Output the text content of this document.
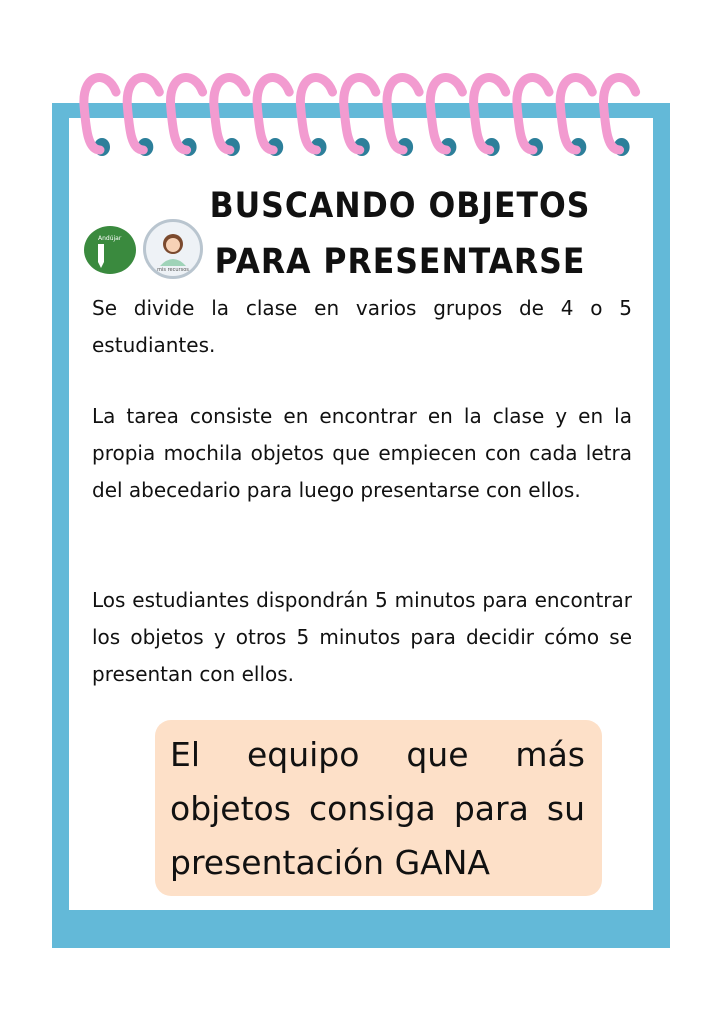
BUSCANDO OBJETOS
PARA PRESENTARSE
Andújar
mis recursos
Se divide la clase en varios grupos de 4 o 5 estudiantes.
La tarea consiste en encontrar en la clase y en la propia mochila objetos que empiecen con cada letra del abecedario para luego presentarse con ellos.
Los estudiantes dispondrán 5 minutos para encontrar los objetos y otros 5 minutos para decidir cómo se presentan con ellos.
El equipo que más objetos consiga para su presentación GANA
